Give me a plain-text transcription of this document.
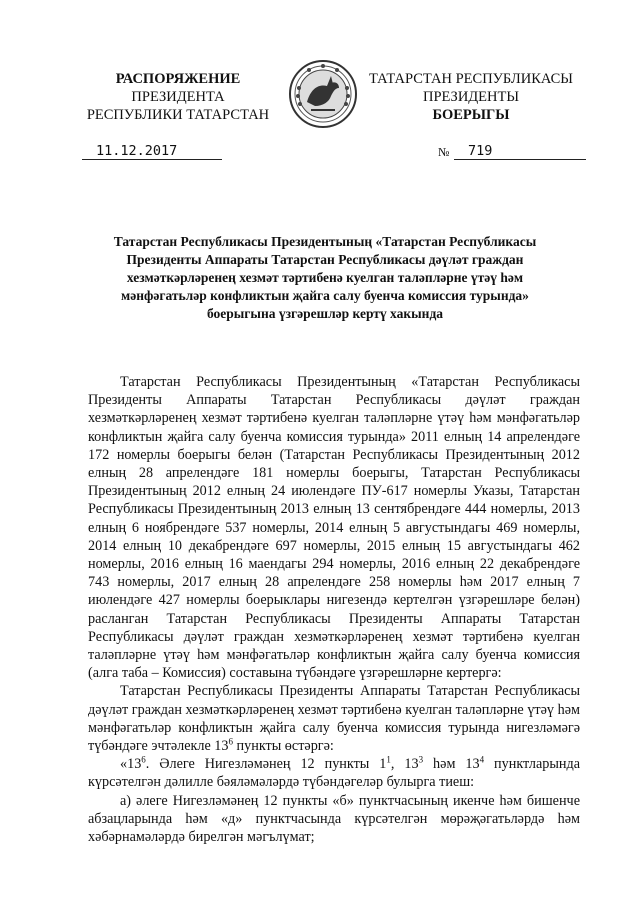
РАСПОРЯЖЕНИЕ
ПРЕЗИДЕНТА
РЕСПУБЛИКИ ТАТАРСТАН
ТАТАРСТАН РЕСПУБЛИКАСЫ
ПРЕЗИДЕНТЫ
БОЕРЫГЫ
11.12.2017	№	719
Татарстан Республикасы Президентының «Татарстан Республикасы Президенты Аппараты Татарстан Республикасы дәүләт граждан хезмәткәрләренең хезмәт тәртибенә куелган таләпләрне үтәү һәм мәнфәгатьләр конфликтын җайга салу буенча комиссия турында» боерыгына үзгәрешләр кертү хакында

Татарстан Республикасы Президентының «Татарстан Республикасы Президенты Аппараты Татарстан Республикасы дәүләт граждан хезмәткәрләренең хезмәт тәртибенә куелган таләпләрне үтәү һәм мәнфәгатьләр конфликтын җайга салу буенча комиссия турында» 2011 елның 14 апрелендәге 172 номерлы боерыгы белән (Татарстан Республикасы Президентының 2012 елның 28 апрелендәге 181 номерлы боерыгы, Татарстан Республикасы Президентының 2012 елның 24 июлендәге ПУ-617 номерлы Указы, Татарстан Республикасы Президентының 2013 елның 13 сентябрендәге 444 номерлы, 2013 елның 6 ноябрендәге 537 номерлы, 2014 елның 5 августындагы 469 номерлы, 2014 елның 10 декабрендәге 697 номерлы, 2015 елның 15 августындагы 462 номерлы, 2016 елның 16 маендагы 294 номерлы, 2016 елның 22 декабрендәге 743 номерлы, 2017 елның 28 апрелендәге 258 номерлы һәм 2017 елның 7 июлендәге 427 номерлы боерыклары нигезендә кертелгән үзгәрешләре белән) расланган Татарстан Республикасы Президенты Аппараты Татарстан Республикасы дәүләт граждан хезмәткәрләренең хезмәт тәртибенә куелган таләпләрне үтәү һәм мәнфәгатьләр конфликтын җайга салу буенча комиссия (алга таба – Комиссия) составына түбәндәге үзгәрешләрне кертергә:

Татарстан Республикасы Президенты Аппараты Татарстан Республикасы дәүләт граждан хезмәткәрләренең хезмәт тәртибенә куелган таләпләрне үтәү һәм мәнфәгатьләр конфликтын җайга салу буенча комиссия турында нигезләмәгә түбәндәге эчтәлекле $13^6$ пункты өстәргә:

«$13^6$. Әлеге Нигезләмәнең 12 пункты $1^1$, $13^3$ һәм $13^4$ пунктларында күрсәтелгән дәлилле бәяләмәләрдә түбәндәгеләр булырга тиеш:

а) әлеге Нигезләмәнең 12 пункты «б» пунктчасының икенче һәм бишенче абзацларында һәм «д» пунктчасында күрсәтелгән мөрәҗәгатьләрдә һәм хәбәрнамәләрдә бирелгән мәгълүмат;
